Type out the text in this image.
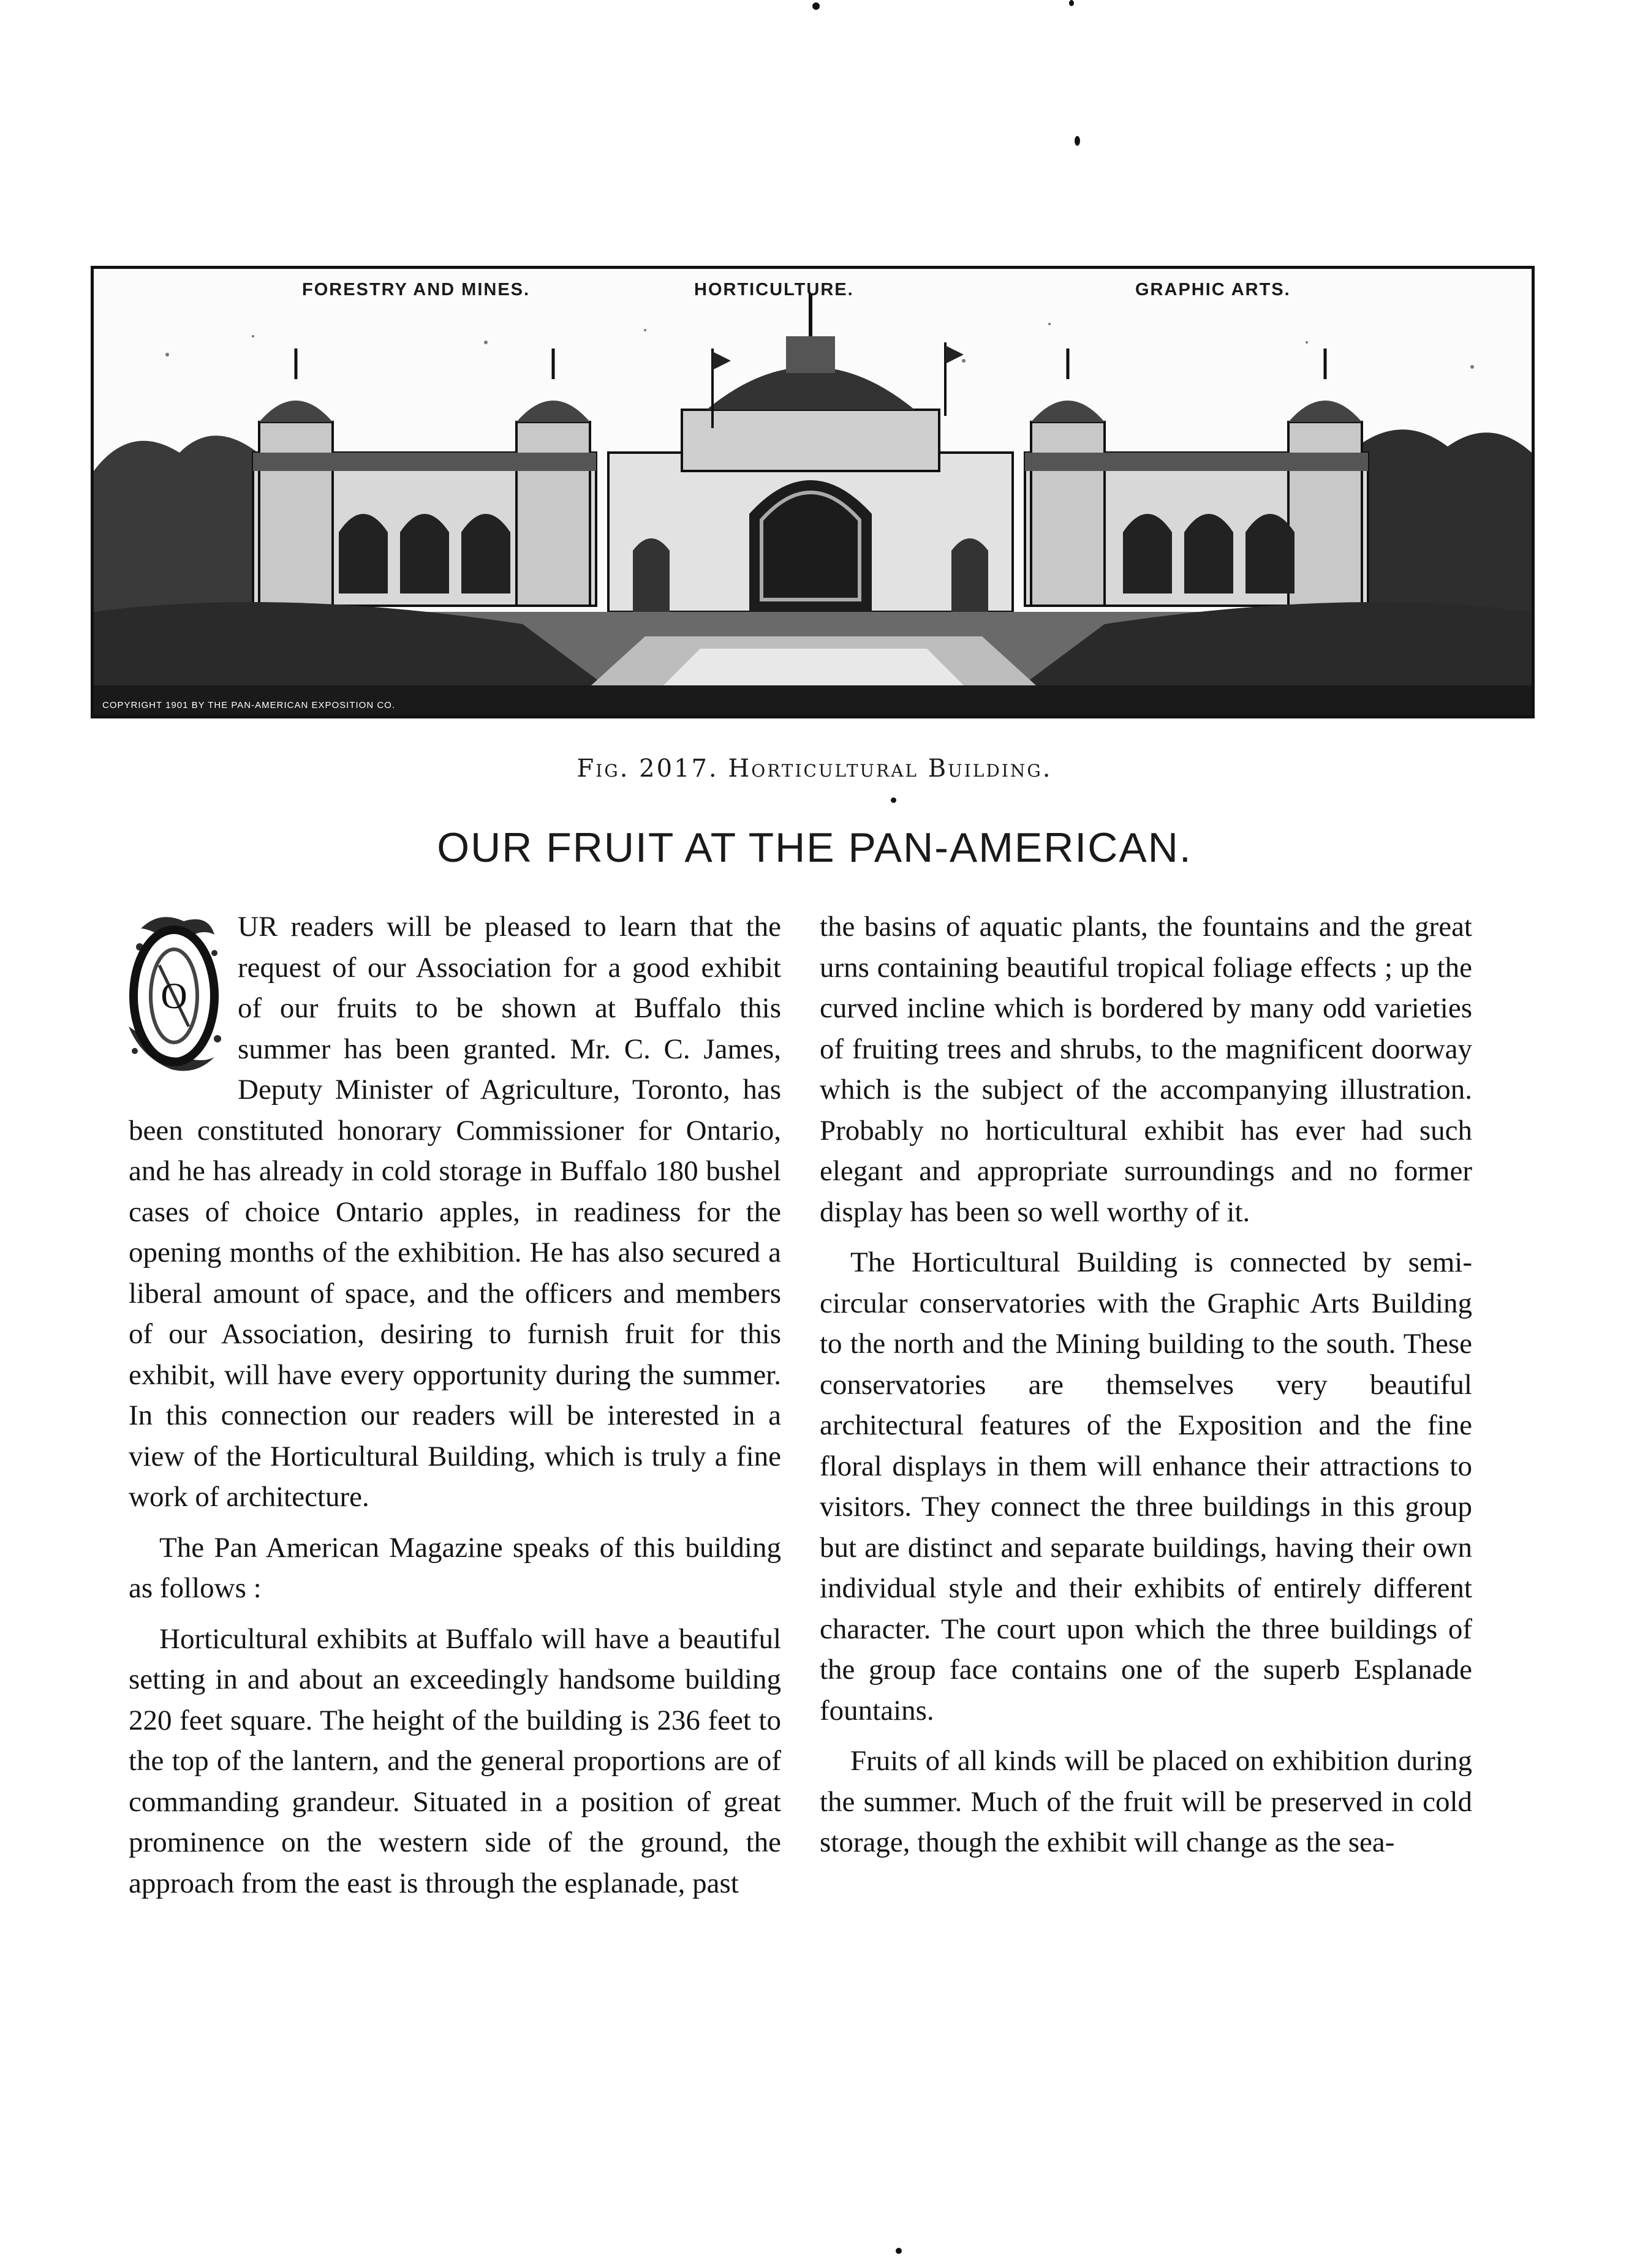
FORESTRY AND MINES.	HORTICULTURE.	GRAPHIC ARTS.
COPYRIGHT 1901 BY THE PAN-AMERICAN EXPOSITION CO.
Fig. 2017. Horticultural Building.
OUR FRUIT AT THE PAN-AMERICAN.
O

UR readers will be pleased to learn that the request of our Association for a good exhibit of our fruits to be shown at Buffalo this summer has been granted. Mr. C. C. James, Deputy Minister of Agriculture, Toronto, has been constituted honorary Commissioner for Ontario, and he has already in cold storage in Buffalo 180 bushel cases of choice Ontario apples, in readiness for the opening months of the exhibition. He has also secured a liberal amount of space, and the officers and members of our Association, desiring to furnish fruit for this exhibit, will have every opportunity during the summer. In this connection our readers will be interested in a view of the Horticultural Building, which is truly a fine work of architecture.

The Pan American Magazine speaks of this building as follows :

Horticultural exhibits at Buffalo will have a beautiful setting in and about an exceedingly handsome building 220 feet square. The height of the building is 236 feet to the top of the lantern, and the general proportions are of commanding grandeur. Situated in a position of great prominence on the western side of the ground, the approach from the east is through the esplanade, past

the basins of aquatic plants, the fountains and the great urns containing beautiful tropical foliage effects ; up the curved incline which is bordered by many odd varieties of fruiting trees and shrubs, to the magnificent doorway which is the subject of the accompanying illustration. Probably no horticultural exhibit has ever had such elegant and appropriate surroundings and no former display has been so well worthy of it.

The Horticultural Building is connected by semi-circular conservatories with the Graphic Arts Building to the north and the Mining building to the south. These conservatories are themselves very beautiful architectural features of the Exposition and the fine floral displays in them will enhance their attractions to visitors. They connect the three buildings in this group but are distinct and separate buildings, having their own individual style and their exhibits of entirely different character. The court upon which the three buildings of the group face contains one of the superb Esplanade fountains.

Fruits of all kinds will be placed on exhibition during the summer. Much of the fruit will be preserved in cold storage, though the exhibit will change as the sea-
